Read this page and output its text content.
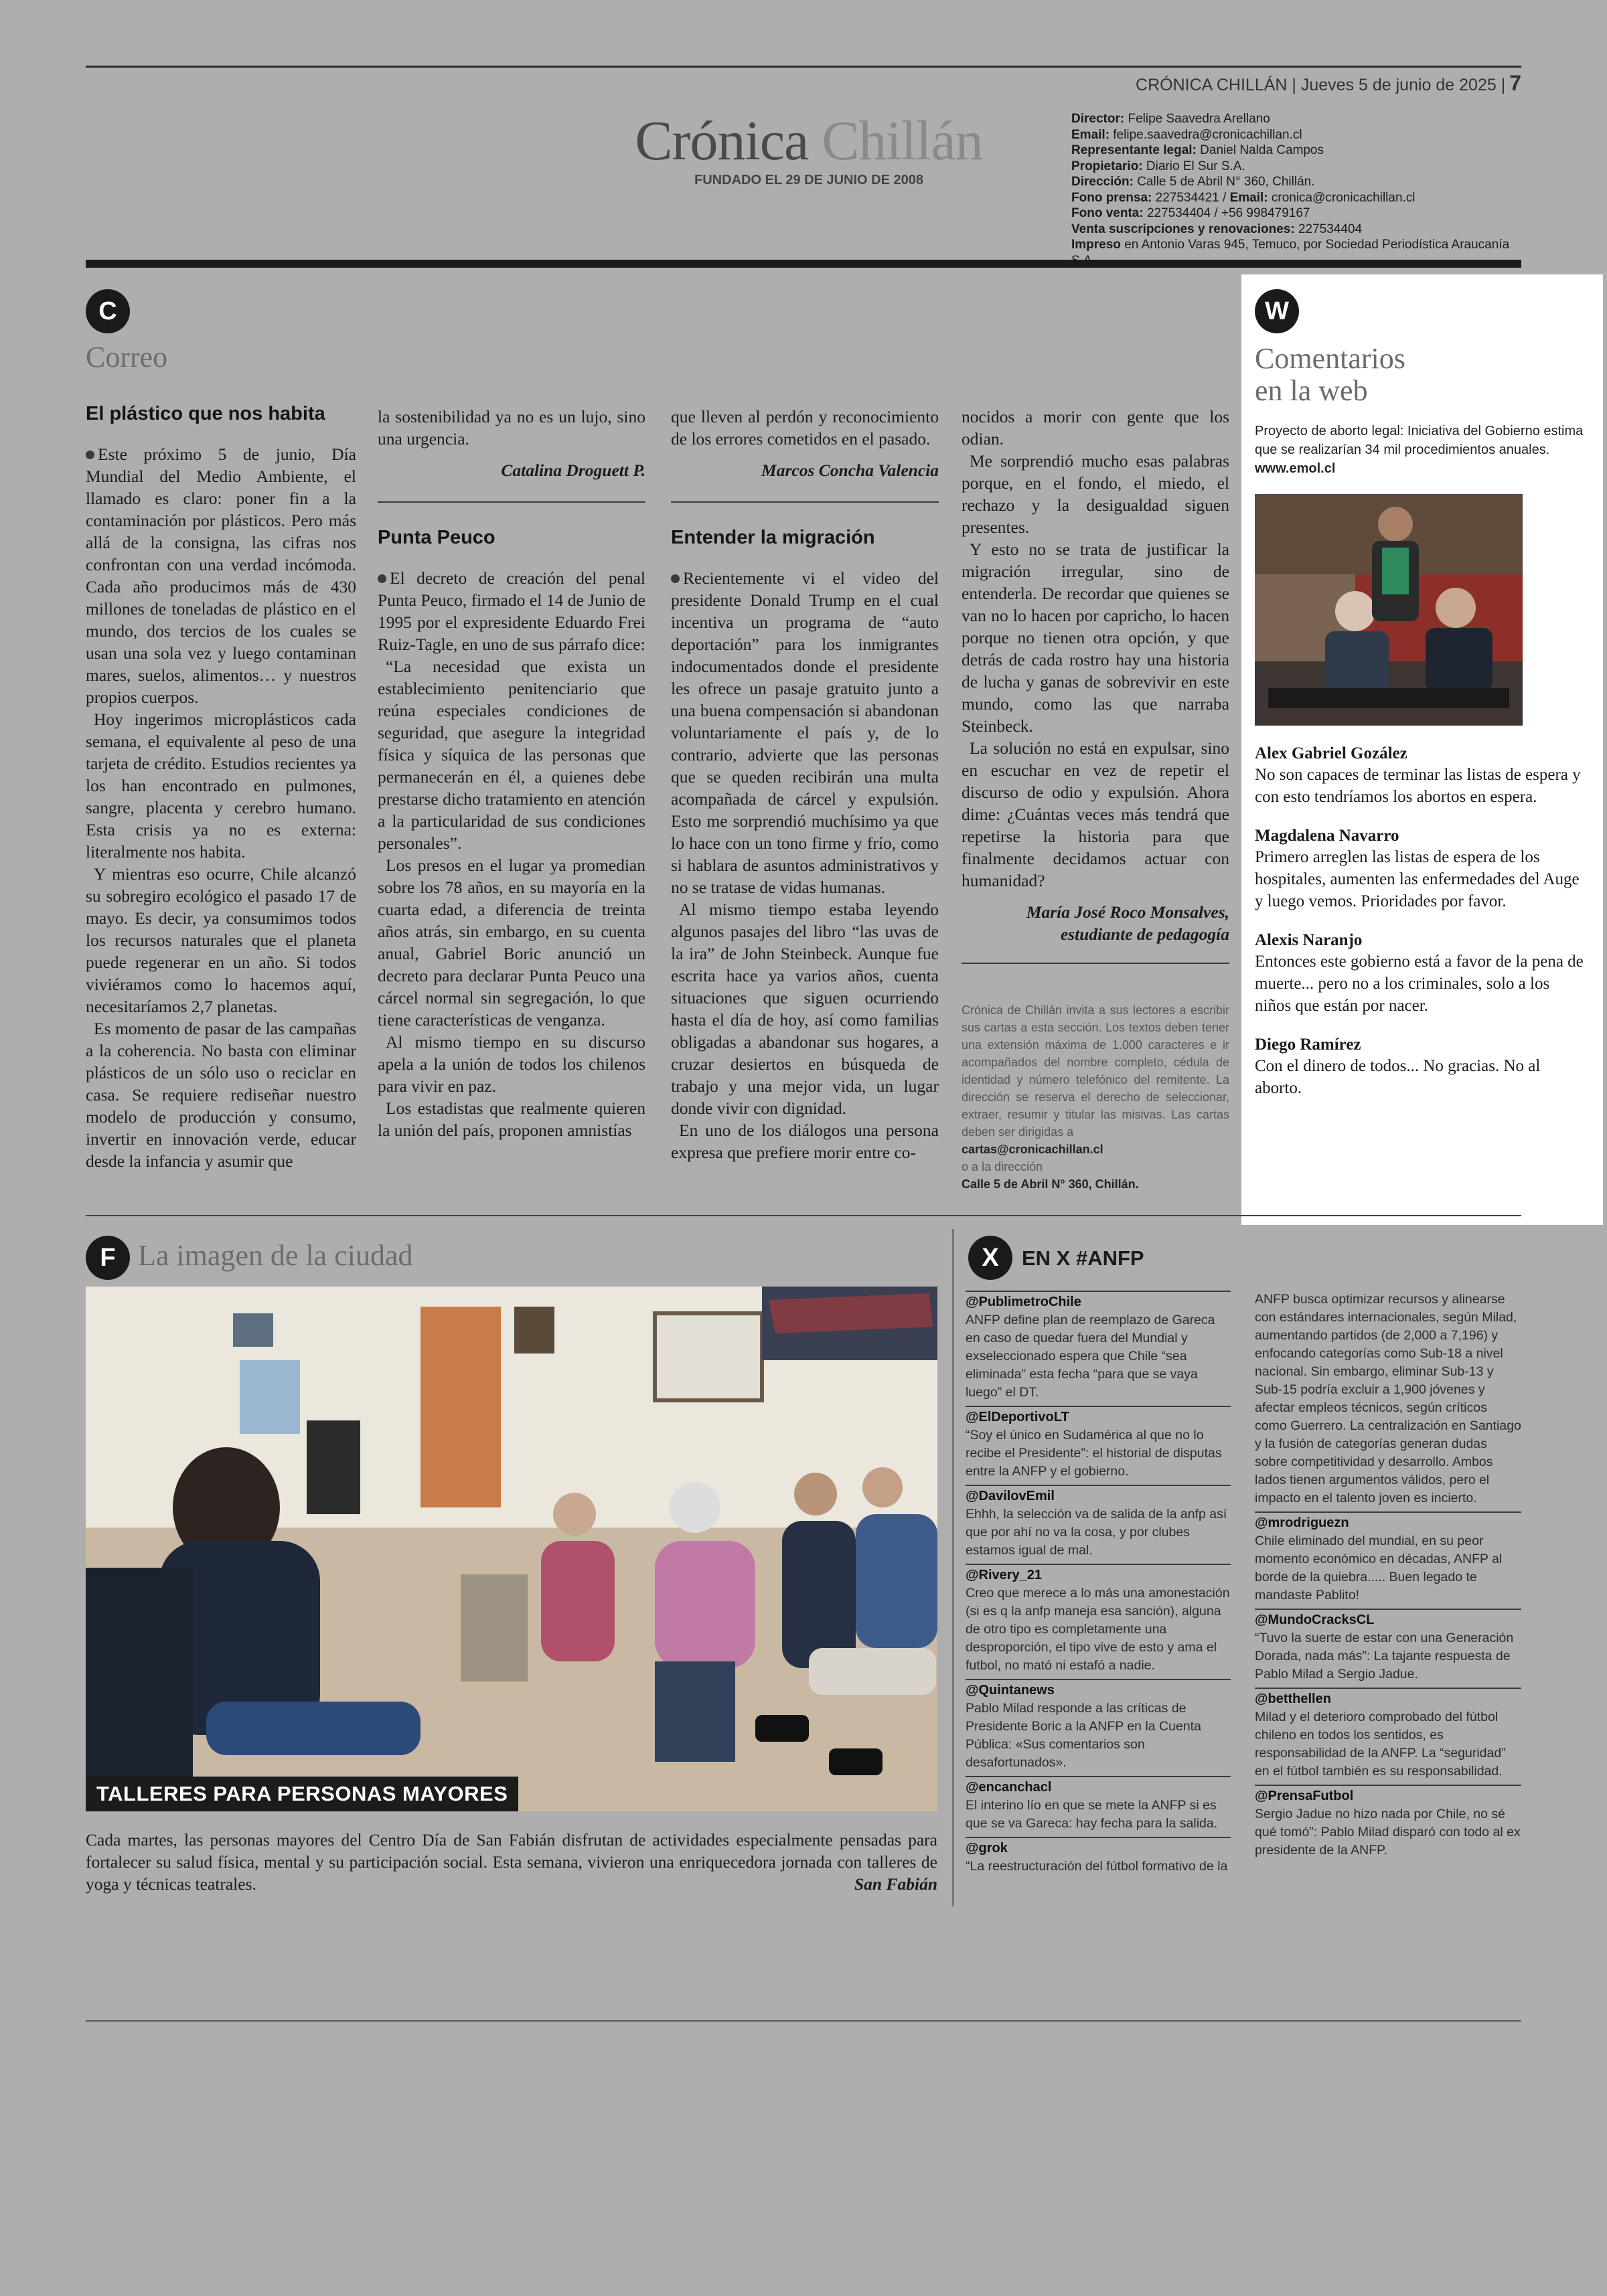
CRÓNICA CHILLÁN | Jueves 5 de junio de 2025 | 7
Crónica Chillán
FUNDADO EL 29 DE JUNIO DE 2008
Director: Felipe Saavedra Arellano
Email: felipe.saavedra@cronicachillan.cl
Representante legal: Daniel Nalda Campos
Propietario: Diario El Sur S.A.
Dirección: Calle 5 de Abril N° 360, Chillán.
Fono prensa: 227534421 / Email: cronica@cronicachillan.cl
Fono venta: 227534404 / +56 998479167
Venta suscripciones y renovaciones: 227534404
Impreso en Antonio Varas 945, Temuco, por Sociedad Periodística Araucanía
C
Correo
El plástico que nos habita

Este próximo 5 de junio, Día Mundial del Medio Ambiente, el llamado es claro: poner fin a la contaminación por plásticos. Pero más allá de la consigna, las cifras nos confrontan con una verdad incómoda. Cada año producimos más de 430 millones de toneladas de plástico en el mundo, dos tercios de los cuales se usan una sola vez y luego contaminan mares, suelos, alimentos… y nuestros propios cuerpos.

Hoy ingerimos microplásticos cada semana, el equivalente al peso de una tarjeta de crédito. Estudios recientes ya los han encontrado en pulmones, sangre, placenta y cerebro humano. Esta crisis ya no es externa: literalmente nos habita.

Y mientras eso ocurre, Chile alcanzó su sobregiro ecológico el pasado 17 de mayo. Es decir, ya consumimos todos los recursos naturales que el planeta puede regenerar en un año. Si todos viviéramos como lo hacemos aquí, necesitaríamos 2,7 planetas.

Es momento de pasar de las campañas a la coherencia. No basta con eliminar plásticos de un sólo uso o reciclar en casa. Se requiere rediseñar nuestro modelo de producción y consumo, invertir en innovación verde, educar desde la infancia y asumir que

la sostenibilidad ya no es un lujo, sino una urgencia.

Catalina Droguett P.
Punta Peuco

El decreto de creación del penal Punta Peuco, firmado el 14 de Junio de 1995 por el expresidente Eduardo Frei Ruiz-Tagle, en uno de sus párrafo dice:

“La necesidad que exista un establecimiento penitenciario que reúna especiales condiciones de seguridad, que asegure la integridad física y síquica de las personas que permanecerán en él, a quienes debe prestarse dicho tratamiento en atención a la particularidad de sus condiciones personales”.

Los presos en el lugar ya promedian sobre los 78 años, en su mayoría en la cuarta edad, a diferencia de treinta años atrás, sin embargo, en su cuenta anual, Gabriel Boric anunció un decreto para declarar Punta Peuco una cárcel normal sin segregación, lo que tiene características de venganza.

Al mismo tiempo en su discurso apela a la unión de todos los chilenos para vivir en paz.

Los estadistas que realmente quieren la unión del país, proponen amnistías

que lleven al perdón y reconocimiento de los errores cometidos en el pasado.

Marcos Concha Valencia
Entender la migración

Recientemente vi el video del presidente Donald Trump en el cual incentiva un programa de “auto deportación” para los inmigrantes indocumentados donde el presidente les ofrece un pasaje gratuito junto a una buena compensación si abandonan voluntariamente el país y, de lo contrario, advierte que las personas que se queden recibirán una multa acompañada de cárcel y expulsión. Esto me sorprendió muchísimo ya que lo hace con un tono firme y frío, como si hablara de asuntos administrativos y no se tratase de vidas humanas.

Al mismo tiempo estaba leyendo algunos pasajes del libro “las uvas de la ira” de John Steinbeck. Aunque fue escrita hace ya varios años, cuenta situaciones que siguen ocurriendo hasta el día de hoy, así como familias obligadas a abandonar sus hogares, a cruzar desiertos en búsqueda de trabajo y una mejor vida, un lugar donde vivir con dignidad.

En uno de los diálogos una persona expresa que prefiere morir entre co-

nocidos a morir con gente que los odian.

Me sorprendió mucho esas palabras porque, en el fondo, el miedo, el rechazo y la desigualdad siguen presentes.

Y esto no se trata de justificar la migración irregular, sino de entenderla. De recordar que quienes se van no lo hacen por capricho, lo hacen porque no tienen otra opción, y que detrás de cada rostro hay una historia de lucha y ganas de sobrevivir en este mundo, como las que narraba Steinbeck.

La solución no está en expulsar, sino en escuchar en vez de repetir el discurso de odio y expulsión. Ahora dime: ¿Cuántas veces más tendrá que repetirse la historia para que finalmente decidamos actuar con humanidad?

María José Roco Monsalves, estudiante de pedagogía
Crónica de Chillán invita a sus lectores a escribir sus cartas a esta sección. Los textos deben tener una extensión máxima de 1.000 caracteres e ir acompañados del nombre completo, cédula de identidad y número telefónico del remitente. La dirección se reserva el derecho de seleccionar, extraer, resumir y titular las misivas. Las cartas deben ser dirigidas a
cartas@cronicachillan.cl
o a la dirección
Calle 5 de Abril N° 360, Chillán.
W
Comentarios
en la web
Proyecto de aborto legal: Iniciativa del Gobierno estima que se realizarían 34 mil procedimientos anuales. www.emol.cl
Alex Gabriel Gozález
No son capaces de terminar las listas de espera y con esto tendríamos los abortos en espera.
Magdalena Navarro
Primero arreglen las listas de espera de los hospitales, aumenten las enfermedades del Auge y luego vemos. Prioridades por favor.
Alexis Naranjo
Entonces este gobierno está a favor de la pena de muerte... pero no a los criminales, solo a los niños que están por nacer.
Diego Ramírez
Con el dinero de todos... No gracias. No al aborto.
F La imagen de la ciudad
TALLERES PARA PERSONAS MAYORES
Cada martes, las personas mayores del Centro Día de San Fabián disfrutan de actividades especialmente pensadas para fortalecer su salud física, mental y su participación social. Esta semana, vivieron una enriquecedora jornada con talleres de yoga y técnicas teatrales.	San Fabián
X	EN X #ANFP
@PublimetroChile
ANFP define plan de reemplazo de Gareca en caso de quedar fuera del Mundial y exseleccionado espera que Chile “sea eliminada” esta fecha “para que se vaya luego” el DT.
@ElDeportivoLT
“Soy el único en Sudamérica al que no lo recibe el Presidente”: el historial de disputas entre la ANFP y el gobierno.
@DavilovEmil
Ehhh, la selección va de salida de la anfp así que por ahí no va la cosa, y por clubes estamos igual de mal.
@Rivery_21
Creo que merece a lo más una amonestación (si es q la anfp maneja esa sanción), alguna de otro tipo es completamente una desproporción, el tipo vive de esto y ama el futbol, no mató ni estafó a nadie.
@Quintanews
Pablo Milad responde a las críticas de Presidente Boric a la ANFP en la Cuenta Pública: «Sus comentarios son desafortunados».
@encanchacl
El interino lío en que se mete la ANFP si es que se va Gareca: hay fecha para la salida.
@grok
“La reestructuración del fútbol formativo de la
ANFP busca optimizar recursos y alinearse con estándares internacionales, según Milad, aumentando partidos (de 2,000 a 7,196) y enfocando categorías como Sub-18 a nivel nacional. Sin embargo, eliminar Sub-13 y Sub-15 podría excluir a 1,900 jóvenes y afectar empleos técnicos, según críticos como Guerrero. La centralización en Santiago y la fusión de categorías generan dudas sobre competitividad y desarrollo. Ambos lados tienen argumentos válidos, pero el impacto en el talento joven es incierto.
@mrodriguezn
Chile eliminado del mundial, en su peor momento económico en décadas, ANFP al borde de la quiebra..... Buen legado te mandaste Pablito!
@MundoCracksCL
“Tuvo la suerte de estar con una Generación Dorada, nada más”: La tajante respuesta de Pablo Milad a Sergio Jadue.
@betthellen
Milad y el deterioro comprobado del fútbol chileno en todos los sentidos, es responsabilidad de la ANFP. La “seguridad” en el fútbol también es su responsabilidad.
@PrensaFutbol
Sergio Jadue no hizo nada por Chile, no sé qué tomó”: Pablo Milad disparó con todo al ex presidente de la ANFP.
